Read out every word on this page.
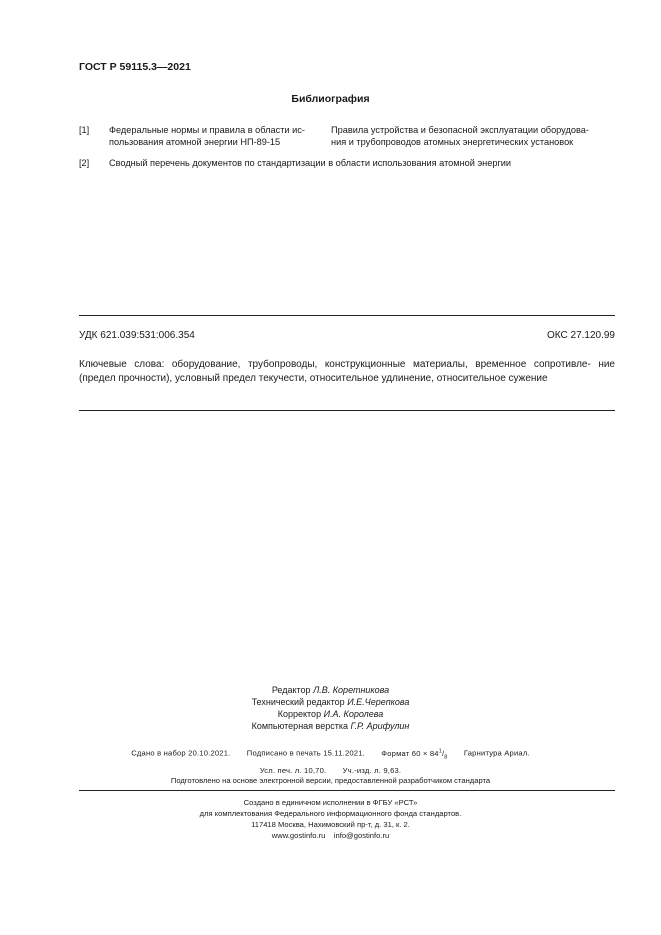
ГОСТ Р 59115.3—2021
Библиография
[1] Федеральные нормы и правила в области ис-
пользования атомной энергии НП-89-15
Правила устройства и безопасной эксплуатации оборудова-
ния и трубопроводов атомных энергетических установок
[2] Сводный перечень документов по стандартизации в области использования атомной энергии
УДК 621.039:531:006.354	ОКС 27.120.99
Ключевые слова: оборудование, трубопроводы, конструкционные материалы, временное сопротивле- ние (предел прочности), условный предел текучести, относительное удлинение, относительное сужение
Редактор Л.В. Коретникова
Технический редактор И.Е.Черепкова
Корректор И.А. Королева
Компьютерная верстка Г.Р. Арифулин
Сдано в набор 20.10.2021. Подписано в печать 15.11.2021. Формат $60 \times 84^1/_8$ Гарнитура Ариал.
Усл. печ. л. 10,70. Уч.-изд. л. 9,63.
Подготовлено на основе электронной версии, предоставленной разработчиком стандарта
Создано в единичном исполнении в ФГБУ «РСТ»
для комплектования Федерального информационного фонда стандартов.
117418 Москва, Нахимовский пр-т, д. 31, к. 2.
www.gostinfo.ru    info@gostinfo.ru
